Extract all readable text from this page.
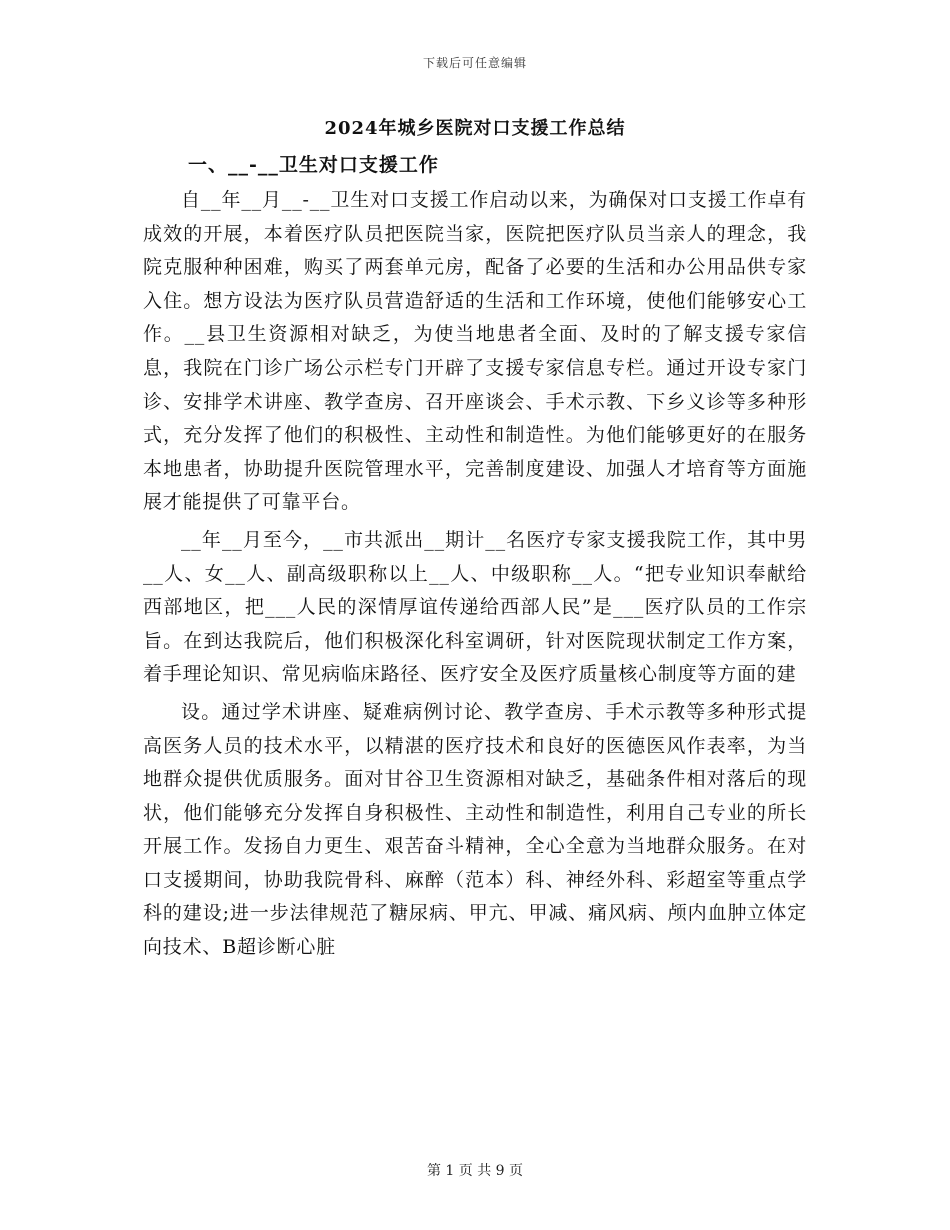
下载后可任意编辑
2024年城乡医院对口支援工作总结
一、__-__卫生对口支援工作

自__年__月__-__卫生对口支援工作启动以来，为确保对口支援工作卓有成效的开展，本着医疗队员把医院当家，医院把医疗队员当亲人的理念，我院克服种种困难，购买了两套单元房，配备了必要的生活和办公用品供专家入住。想方设法为医疗队员营造舒适的生活和工作环境，使他们能够安心工作。__县卫生资源相对缺乏，为使当地患者全面、及时的了解支援专家信息，我院在门诊广场公示栏专门开辟了支援专家信息专栏。通过开设专家门诊、安排学术讲座、教学查房、召开座谈会、手术示教、下乡义诊等多种形式，充分发挥了他们的积极性、主动性和制造性。为他们能够更好的在服务本地患者，协助提升医院管理水平，完善制度建设、加强人才培育等方面施展才能提供了可靠平台。

__年__月至今，__市共派出__期计__名医疗专家支援我院工作，其中男__人、女__人、副高级职称以上__人、中级职称__人。“把专业知识奉献给西部地区，把___人民的深情厚谊传递给西部人民”是___医疗队员的工作宗旨。在到达我院后，他们积极深化科室调研，针对医院现状制定工作方案，着手理论知识、常见病临床路径、医疗安全及医疗质量核心制度等方面的建

设。通过学术讲座、疑难病例讨论、教学查房、手术示教等多种形式提高医务人员的技术水平，以精湛的医疗技术和良好的医德医风作表率，为当地群众提供优质服务。面对甘谷卫生资源相对缺乏，基础条件相对落后的现状，他们能够充分发挥自身积极性、主动性和制造性，利用自己专业的所长开展工作。发扬自力更生、艰苦奋斗精神，全心全意为当地群众服务。在对口支援期间，协助我院骨科、麻醉（范本）科、神经外科、彩超室等重点学科的建设;进一步法律规范了糖尿病、甲亢、甲减、痛风病、颅内血肿立体定向技术、B超诊断心脏

第 1 页 共 9 页
